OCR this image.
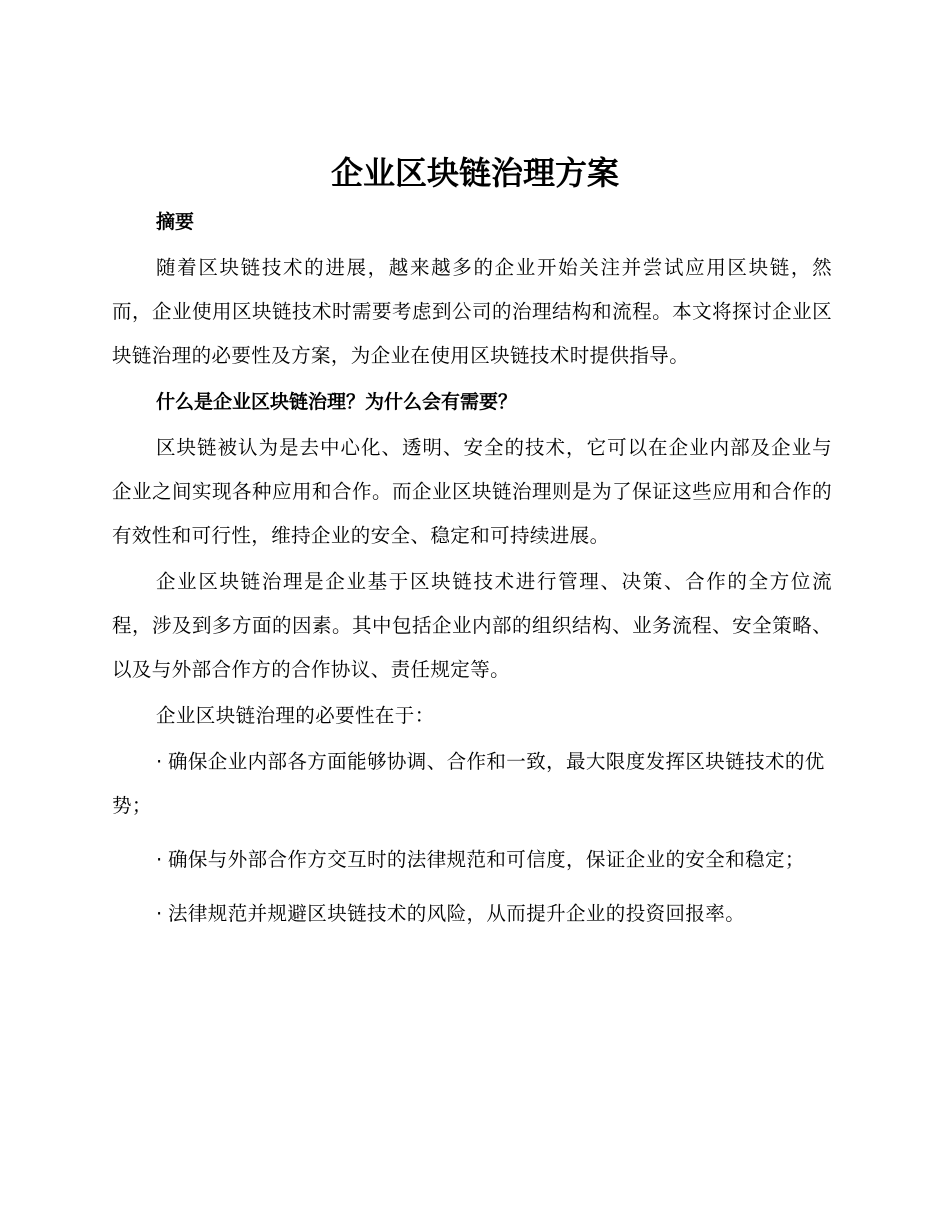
企业区块链治理方案

摘要

随着区块链技术的进展，越来越多的企业开始关注并尝试应用区块链，然而，企业使用区块链技术时需要考虑到公司的治理结构和流程。本文将探讨企业区块链治理的必要性及方案，为企业在使用区块链技术时提供指导。

什么是企业区块链治理？为什么会有需要？

区块链被认为是去中心化、透明、安全的技术，它可以在企业内部及企业与企业之间实现各种应用和合作。而企业区块链治理则是为了保证这些应用和合作的有效性和可行性，维持企业的安全、稳定和可持续进展。

企业区块链治理是企业基于区块链技术进行管理、决策、合作的全方位流程，涉及到多方面的因素。其中包括企业内部的组织结构、业务流程、安全策略、以及与外部合作方的合作协议、责任规定等。

企业区块链治理的必要性在于：

· 确保企业内部各方面能够协调、合作和一致，最大限度发挥区块链技术的优势；

· 确保与外部合作方交互时的法律规范和可信度，保证企业的安全和稳定；

· 法律规范并规避区块链技术的风险，从而提升企业的投资回报率。
